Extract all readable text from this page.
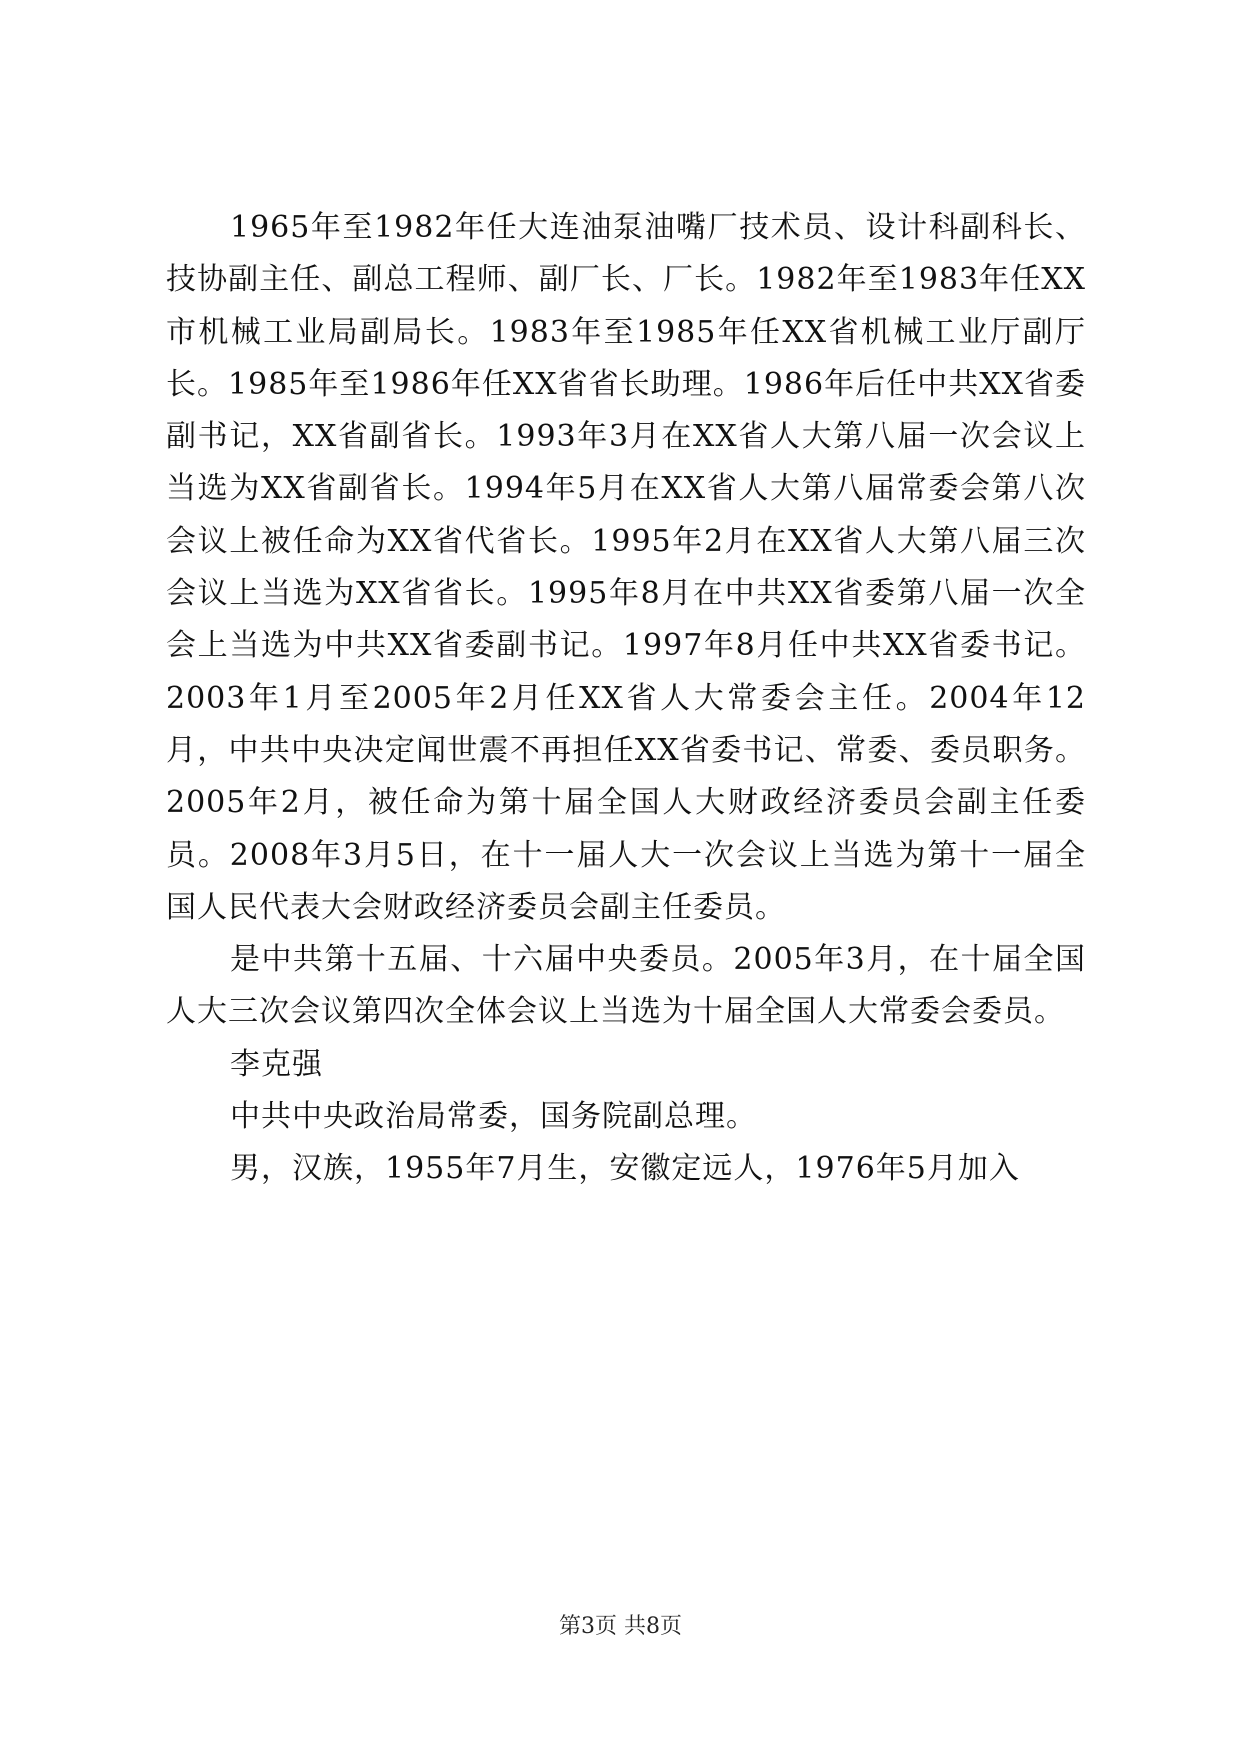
1965年至1982年任大连油泵油嘴厂技术员、设计科副科长、技协副主任、副总工程师、副厂长、厂长。1982年至1983年任XX市机械工业局副局长。1983年至1985年任XX省机械工业厅副厅长。1985年至1986年任XX省省长助理。1986年后任中共XX省委副书记，XX省副省长。1993年3月在XX省人大第八届一次会议上当选为XX省副省长。1994年5月在XX省人大第八届常委会第八次会议上被任命为XX省代省长。1995年2月在XX省人大第八届三次会议上当选为XX省省长。1995年8月在中共XX省委第八届一次全会上当选为中共XX省委副书记。1997年8月任中共XX省委书记。2003年1月至2005年2月任XX省人大常委会主任。2004年12月，中共中央决定闻世震不再担任XX省委书记、常委、委员职务。2005年2月，被任命为第十届全国人大财政经济委员会副主任委员。2008年3月5日，在十一届人大一次会议上当选为第十一届全国人民代表大会财政经济委员会副主任委员。

是中共第十五届、十六届中央委员。2005年3月，在十届全国人大三次会议第四次全体会议上当选为十届全国人大常委会委员。

李克强

中共中央政治局常委，国务院副总理。

男，汉族，1955年7月生，安徽定远人，1976年5月加入

第3页 共8页
